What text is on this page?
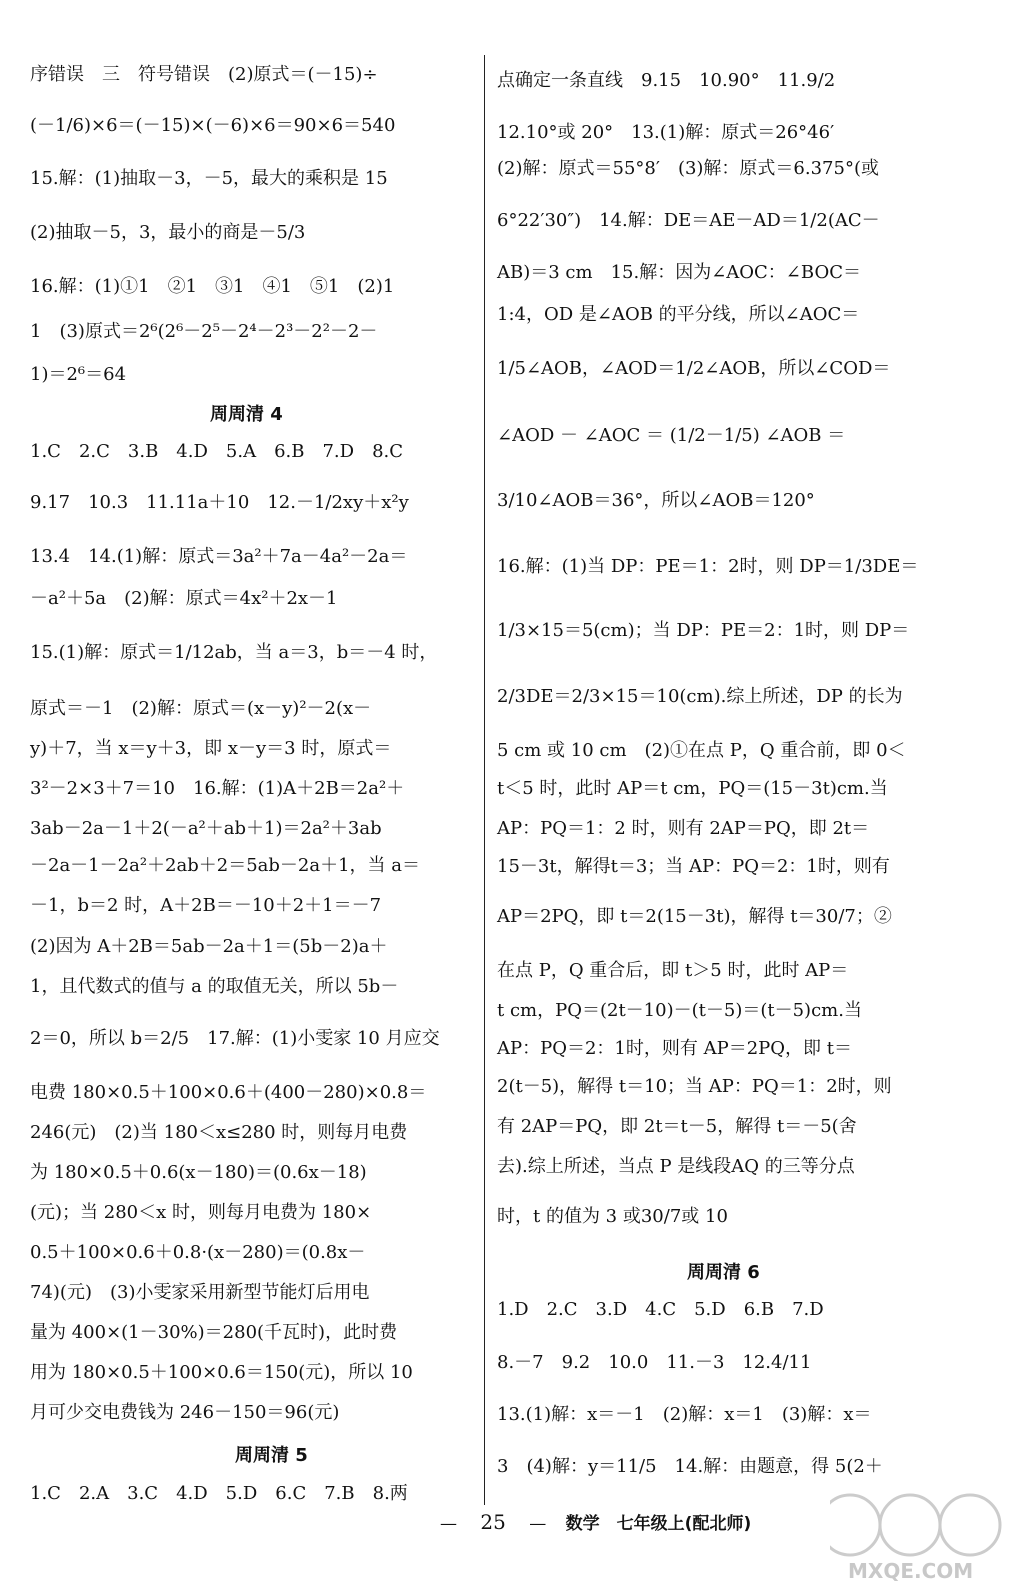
序错误　三　符号错误　(2)原式＝(－15)÷
(－1/6)×6＝(－15)×(－6)×6＝90×6＝540
15.解：(1)抽取－3，－5，最大的乘积是 15
(2)抽取－5，3，最小的商是－5/3
16.解：(1)①1　②1　③1　④1　⑤1　(2)1
1　(3)原式＝2⁶(2⁶－2⁵－2⁴－2³－2²－2－
1)＝2⁶＝64
周周清 4
1.C　2.C　3.B　4.D　5.A　6.B　7.D　8.C
9.17　10.3　11.11a＋10　12.－1/2xy＋x²y
13.4　14.(1)解：原式＝3a²＋7a－4a²－2a＝
－a²＋5a　(2)解：原式＝4x²＋2x－1
15.(1)解：原式＝1/12ab，当 a＝3，b＝－4 时，
原式＝－1　(2)解：原式＝(x－y)²－2(x－
y)＋7，当 x＝y＋3，即 x－y＝3 时，原式＝
3²－2×3＋7＝10　16.解：(1)A＋2B＝2a²＋
3ab－2a－1＋2(－a²＋ab＋1)＝2a²＋3ab
－2a－1－2a²＋2ab＋2＝5ab－2a＋1，当 a＝
－1，b＝2 时，A＋2B＝－10＋2＋1＝－7
(2)因为 A＋2B＝5ab－2a＋1＝(5b－2)a＋
1，且代数式的值与 a 的取值无关，所以 5b－
2＝0，所以 b＝2/5　17.解：(1)小雯家 10 月应交
电费 180×0.5＋100×0.6＋(400－280)×0.8＝
246(元)　(2)当 180＜x≤280 时，则每月电费
为 180×0.5＋0.6(x－180)＝(0.6x－18)
(元)；当 280＜x 时，则每月电费为 180×
0.5＋100×0.6＋0.8·(x－280)＝(0.8x－
74)(元)　(3)小雯家采用新型节能灯后用电
量为 400×(1－30%)＝280(千瓦时)，此时费
用为 180×0.5＋100×0.6＝150(元)，所以 10
月可少交电费钱为 246－150＝96(元)
周周清 5
1.C　2.A　3.C　4.D　5.D　6.C　7.B　8.两
点确定一条直线　9.15　10.90°　11.9/2
12.10°或 20°　13.(1)解：原式＝26°46′
(2)解：原式＝55°8′　(3)解：原式＝6.375°(或
6°22′30″)　14.解：DE＝AE－AD＝1/2(AC－
AB)＝3 cm　15.解：因为∠AOC：∠BOC＝
1:4，OD 是∠AOB 的平分线，所以∠AOC＝
1/5∠AOB，∠AOD＝1/2∠AOB，所以∠COD＝
∠AOD － ∠AOC ＝ (1/2－1/5) ∠AOB ＝
3/10∠AOB＝36°，所以∠AOB＝120°
16.解：(1)当 DP：PE＝1：2时，则 DP＝1/3DE＝
1/3×15＝5(cm)；当 DP：PE＝2：1时，则 DP＝
2/3DE＝2/3×15＝10(cm).综上所述，DP 的长为
5 cm 或 10 cm　(2)①在点 P，Q 重合前，即 0＜
t＜5 时，此时 AP＝t cm，PQ＝(15－3t)cm.当
AP：PQ＝1：2 时，则有 2AP＝PQ，即 2t＝
15－3t，解得t＝3；当 AP：PQ＝2：1时，则有
AP＝2PQ，即 t＝2(15－3t)，解得 t＝30/7；②
在点 P，Q 重合后，即 t＞5 时，此时 AP＝
t cm，PQ＝(2t－10)－(t－5)＝(t－5)cm.当
AP：PQ＝2：1时，则有 AP＝2PQ，即 t＝
2(t－5)，解得 t＝10；当 AP：PQ＝1：2时，则
有 2AP＝PQ，即 2t＝t－5，解得 t＝－5(舍
去).综上所述，当点 P 是线段AQ 的三等分点
时，t 的值为 3 或30/7或 10
周周清 6
1.D　2.C　3.D　4.C　5.D　6.B　7.D
8.－7　9.2　10.0　11.－3　12.4/11
13.(1)解：x＝－1　(2)解：x＝1　(3)解：x＝
3　(4)解：y＝11/5　14.解：由题意，得 5(2＋
— 25 — 数学　七年级上(配北师)
MXQE.COM
